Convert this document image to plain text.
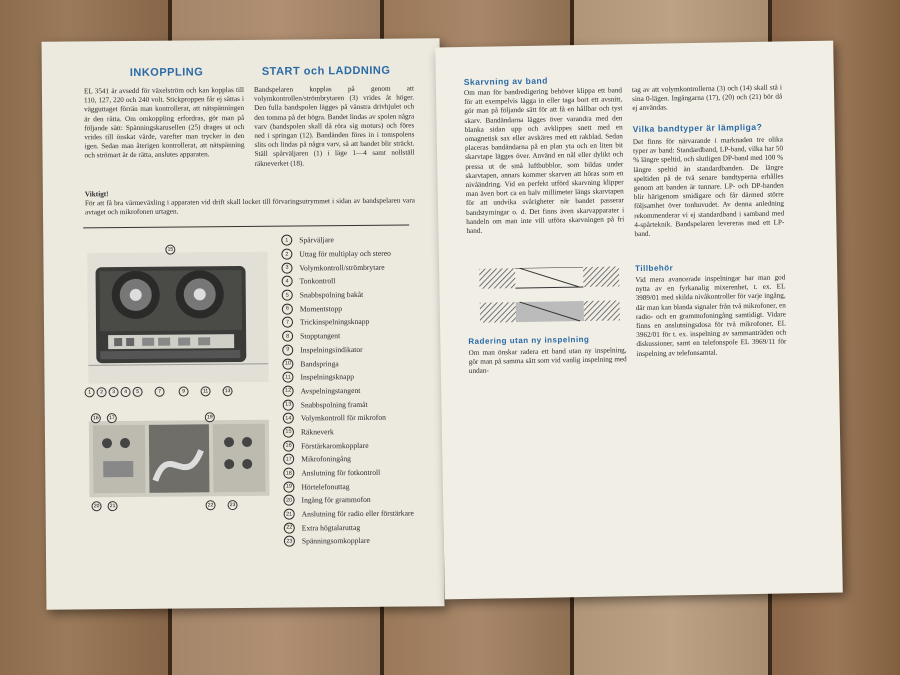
INKOPPLING	START och LADDNING
EL 3541 är avsedd för växelström och kan kopplas till 110, 127, 220 och 240 volt. Stickproppen får ej sättas i vägguttaget förrän man kontrollerat, att nätspänningen är den rätta. Om omkoppling erfordras, gör man på följande sätt: Spänningskarusellen (25) drages ut och vrides till önskat värde, varefter man trycker in den igen. Sedan man återigen kontrollerat, att nätspänning och strömart är de rätta, anslutes apparaten.
Bandspelaren kopplas på genom att volymkontrollen/strömbrytaren (3) vrides åt höger. Den fulla bandspolen lägges på vänstra drivhjulet och den tomma på det högra. Bandet lindas av spolen några varv (bandspolen skall då röra sig moturs) och föres ned i springan (12). Bandänden föres in i tomspolens slits och lindas på några varv, så att bandet blir sträckt. Ställ spårväljaren (1) i läge 1—4 samt nollställ räkneverket (18).
Viktigt!
För att få bra värmeväxling i apparaten vid drift skall locket till förvaringsutrymmet i sidan av bandspelaren vara avtaget och mikrofonen urtagen.
15
1	2	3	4	5	7	9	11	13
16	17	19
20	21	22	23
1	Spårväljare
2	Uttag för multiplay och stereo
3	Volymkontroll/strömbrytare
4	Tonkontroll
5	Snabbspolning bakåt
6	Momentstopp
7	Trickinspelningsknapp
8	Stopptangent
9	Inspelningsindikator
10	Bandspringa
11	Inspelningsknapp
12	Avspelningstangent
13	Snabbspolning framåt
14	Volymkontroll för mikrofon
15	Räkneverk
16	Förstärkaromkopplare
17	Mikrofoningång
18	Anslutning för fotkontroll
19	Hörtelefonuttag
20	Ingång för grammofon
21	Anslutning för radio eller förstärkare
22	Extra högtalaruttag
23	Spänningsomkopplare
Skarvning av band
Om man för bandredigering behöver klippa ett band för att exempelvis lägga in eller taga bort ett avsnitt, gör man på följande sätt för att få en hållbar och tyst skarv. Bandändarna lägges över varandra med den blanka sidan upp och avklippes snett med en omagnetisk sax eller avskäres med ett rakblad. Sedan placeras bandändarna på en plan yta och en liten bit skarvtape lägges över. Använd en nål eller dylikt och pressa ut de små luftbubblor, som bildas under skarvtapen, annars kommer skarven att höras som en nivåändring. Vid en perfekt utförd skarvning klipper man även bort ca en halv millimeter längs skarvtapen för att undvika svårigheter när bandet passerar bandstyrningar o. d. Det finns även skarvapparater i handeln om man inte vill utföra skarvningen på fri hand.
Radering utan ny inspelning
Om man önskar radera ett band utan ny inspelning, gör man på samma sätt som vid vanlig inspelning med undan-
tag av att volymkontrollerna (3) och (14) skall stå i sina 0-lägen. Ingångarna (17), (20) och (21) bör då ej användas.
Vilka bandtyper är lämpliga?
Det finns för närvarande i marknaden tre olika typer av band: Standardband, LP-band, vilka har 50 % längre speltid, och slutligen DP-band med 100 % längre speltid än standardbanden. De längre speltiden på de två senare bandtyperna erhålles genom att banden är tunnare. LP- och DP-banden blir härigenom smidigare och får därmed större följsamhet över tonhuvudet. Av denna anledning rekommenderar vi ej standardband i samband med 4-spårteknik. Bandspelaren levereras med ett LP-band.
Tillbehör
Vid mera avancerade inspelningar har man god nytta av en fyrkanalig mixerenhet, t. ex. EL 3989/01 med skilda nivåkontroller för varje ingång, där man kan blanda signaler från två mikrofoner, en radio- och en grammofoningång samtidigt. Vidare finns en anslutningsdosa för två mikrofoner, EL 3962/01 för t. ex. inspelning av sammanträden och diskussioner, samt en telefonspole EL 3969/11 för inspelning av telefonsamtal.
